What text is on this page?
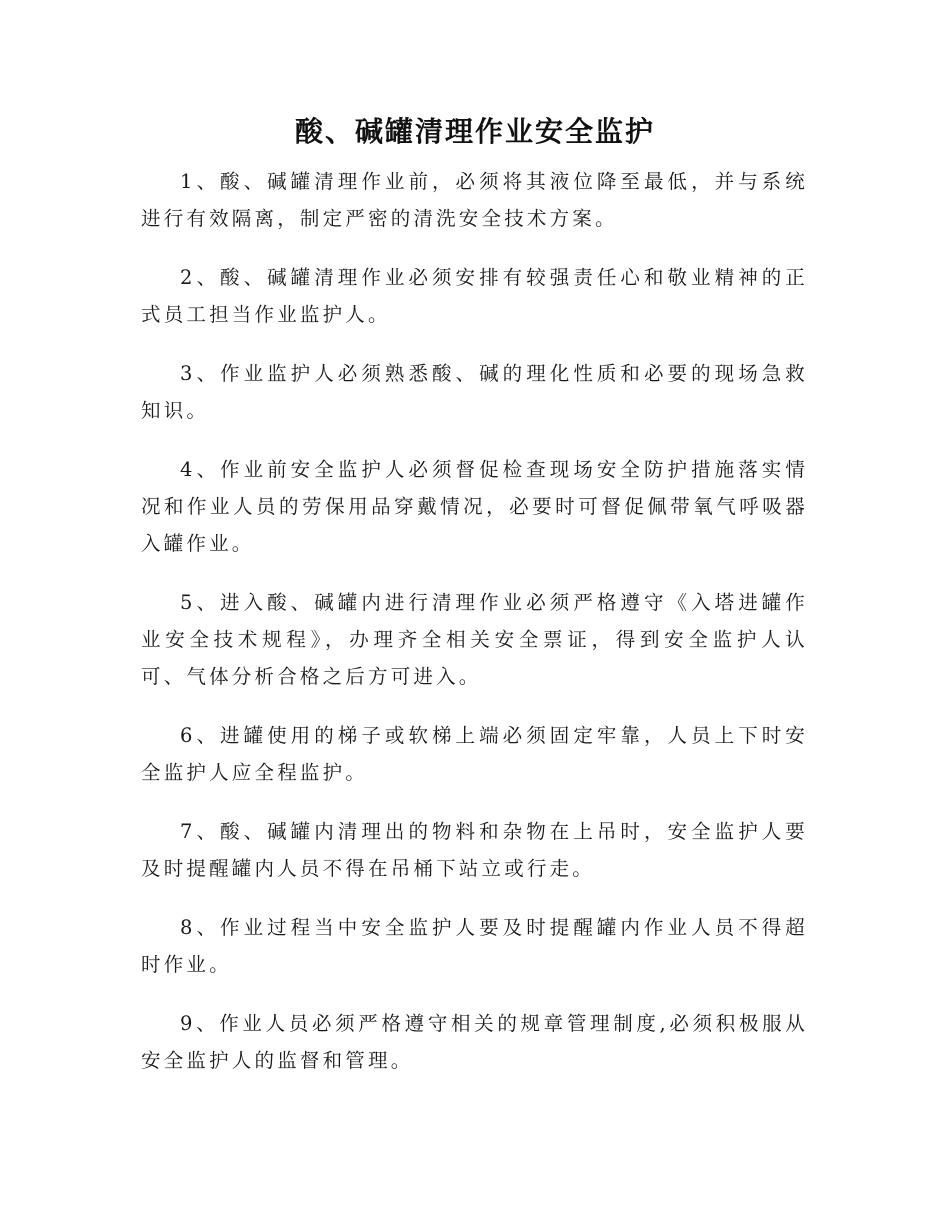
酸、碱罐清理作业安全监护

1、酸、碱罐清理作业前，必须将其液位降至最低，并与系统进行有效隔离，制定严密的清洗安全技术方案。

2、酸、碱罐清理作业必须安排有较强责任心和敬业精神的正式员工担当作业监护人。

3、作业监护人必须熟悉酸、碱的理化性质和必要的现场急救知识。

4、作业前安全监护人必须督促检查现场安全防护措施落实情况和作业人员的劳保用品穿戴情况，必要时可督促佩带氧气呼吸器入罐作业。

5、进入酸、碱罐内进行清理作业必须严格遵守《入塔进罐作业安全技术规程》，办理齐全相关安全票证，得到安全监护人认可、气体分析合格之后方可进入。

6、进罐使用的梯子或软梯上端必须固定牢靠，人员上下时安全监护人应全程监护。

7、酸、碱罐内清理出的物料和杂物在上吊时，安全监护人要及时提醒罐内人员不得在吊桶下站立或行走。

8、作业过程当中安全监护人要及时提醒罐内作业人员不得超时作业。

9、作业人员必须严格遵守相关的规章管理制度,必须积极服从安全监护人的监督和管理。
